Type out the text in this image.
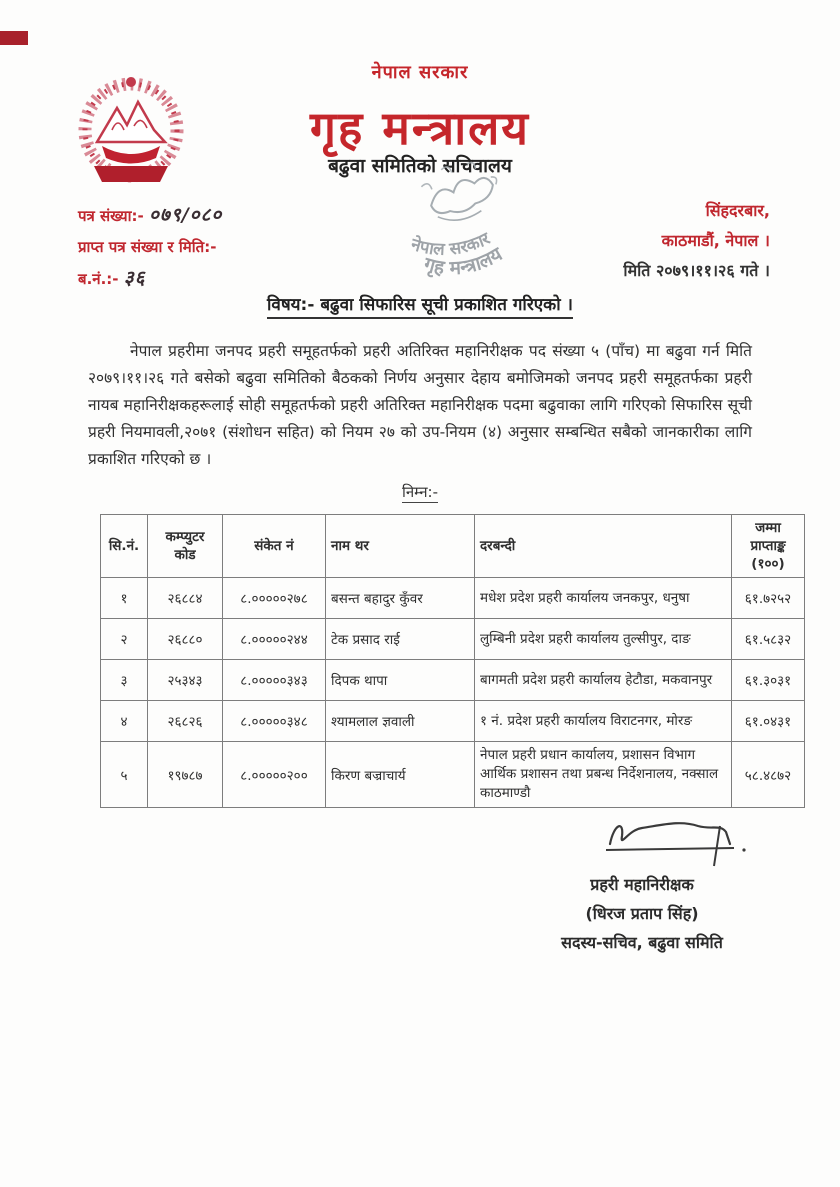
नेपाल सरकार
गृह मन्त्रालय
बढुवा समितिको सचिवालय
नेपाल सरकार
गृह मन्त्रालय
पत्र संख्या:- ०७९/०८०
प्राप्त पत्र संख्या र मिति:-
ब.नं.:- ३६
सिंहदरबार,
काठमाडौं, नेपाल ।
मिति २०७९।११।२६ गते ।
विषय:- बढुवा सिफारिस सूची प्रकाशित गरिएको ।
नेपाल प्रहरीमा जनपद प्रहरी समूहतर्फको प्रहरी अतिरिक्त महानिरीक्षक पद संख्या ५ (पाँच) मा बढुवा गर्न मिति २०७९।११।२६ गते बसेको बढुवा समितिको बैठकको निर्णय अनुसार देहाय बमोजिमको जनपद प्रहरी समूहतर्फका प्रहरी नायब महानिरीक्षकहरूलाई सोही समूहतर्फको प्रहरी अतिरिक्त महानिरीक्षक पदमा बढुवाका लागि गरिएको सिफारिस सूची प्रहरी नियमावली,२०७१ (संशोधन सहित) को नियम २७ को उप-नियम (४) अनुसार सम्बन्धित सबैको जानकारीका लागि प्रकाशित गरिएको छ ।
निम्न:-
सि.नं.	कम्प्युटर कोड	संकेत नं	नाम थर	दरबन्दी	जम्मा प्राप्ताङ्क (१००)
१	२६८८४	८.०००००२७८	बसन्त बहादुर कुँवर	मधेश प्रदेश प्रहरी कार्यालय जनकपुर, धनुषा	६१.७२५२
२	२६८८०	८.०००००२४४	टेक प्रसाद राई	लुम्बिनी प्रदेश प्रहरी कार्यालय तुल्सीपुर, दाङ	६१.५८३२
३	२५३४३	८.०००००३४३	दिपक थापा	बागमती प्रदेश प्रहरी कार्यालय हेटौडा, मकवानपुर	६१.३०३१
४	२६८२६	८.०००००३४८	श्यामलाल ज्ञवाली	१ नं. प्रदेश प्रहरी कार्यालय विराटनगर, मोरङ	६१.०४३१
५	१९७८७	८.०००००२००	किरण बज्राचार्य	नेपाल प्रहरी प्रधान कार्यालय, प्रशासन विभाग आर्थिक प्रशासन तथा प्रबन्ध निर्देशनालय, नक्साल काठमाण्डौ	५८.४८७२
प्रहरी महानिरीक्षक
(धिरज प्रताप सिंह)
सदस्य-सचिव, बढुवा समिति
